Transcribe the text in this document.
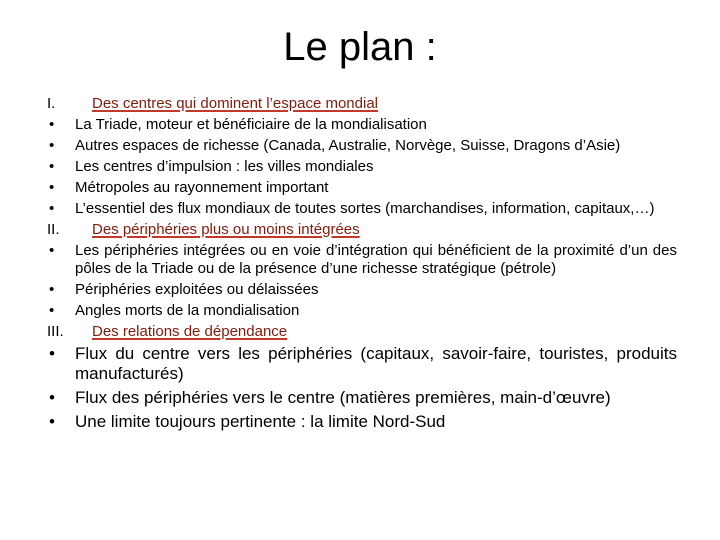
Le plan :
I.	Des centres qui dominent l’espace mondial
•	La Triade, moteur et bénéficiaire de la mondialisation
•	Autres espaces de richesse (Canada, Australie, Norvège, Suisse, Dragons d’Asie)
•	Les centres d’impulsion : les villes mondiales
•	Métropoles au rayonnement important
•	L’essentiel des flux mondiaux de toutes sortes (marchandises, information, capitaux,…)
II.	Des périphéries plus ou moins intégrées
•	Les périphéries intégrées ou en voie d’intégration qui bénéficient de la proximité d’un des pôles de la Triade ou de la présence d’une richesse stratégique (pétrole)
•	Périphéries exploitées ou délaissées
•	Angles morts de la mondialisation
III.	Des relations de dépendance
•	Flux du centre vers les périphéries (capitaux, savoir-faire, touristes, produits manufacturés)
•	Flux des périphéries vers le centre (matières premières, main-d’œuvre)
•	Une limite toujours pertinente : la limite Nord-Sud
